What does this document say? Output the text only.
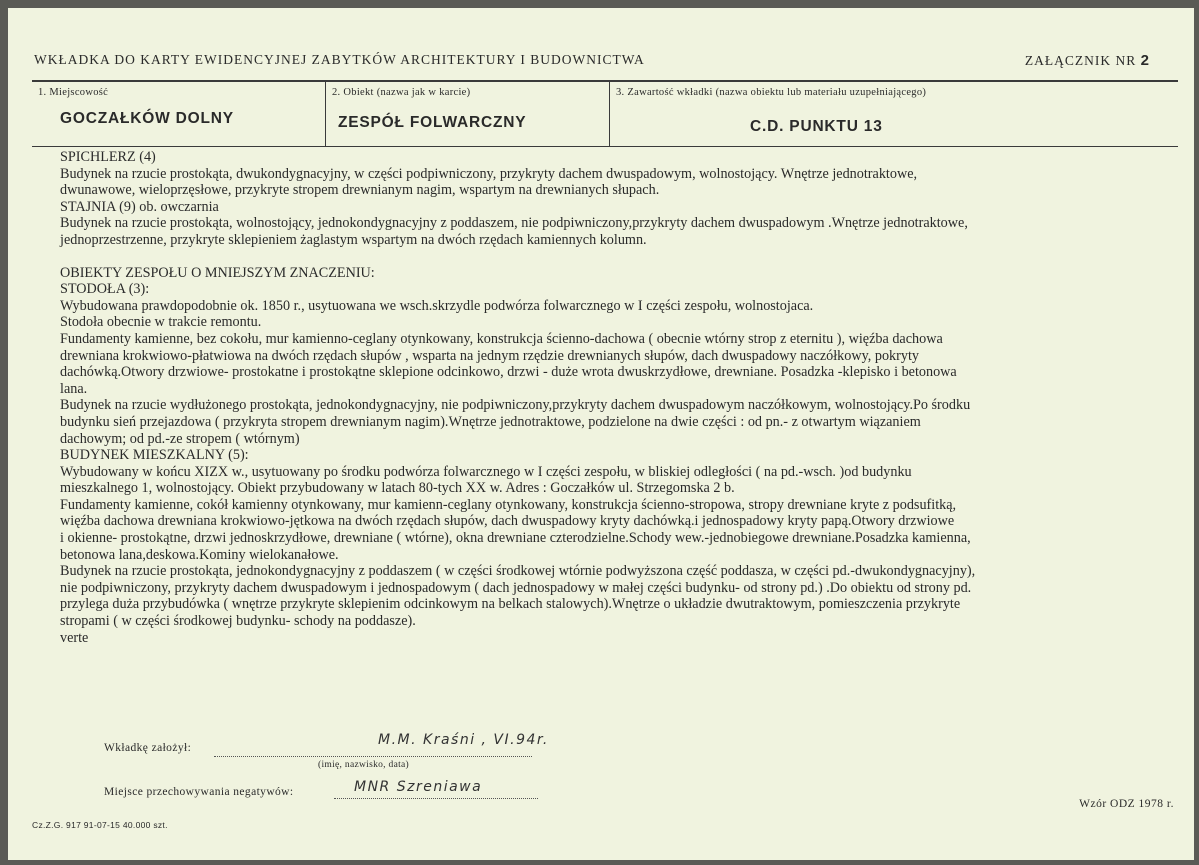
WKŁADKA DO KARTY EWIDENCYJNEJ ZABYTKÓW ARCHITEKTURY I BUDOWNICTWA	ZAŁĄCZNIK NR 2
1. Miejscowość
GOCZAŁKÓW DOLNY
2. Obiekt (nazwa jak w karcie)
ZESPÓŁ FOLWARCZNY
3. Zawartość wkładki (nazwa obiektu lub materiału uzupełniającego)
C.D. PUNKTU 13

SPICHLERZ (4)

Budynek na rzucie prostokąta, dwukondygnacyjny, w części podpiwniczony, przykryty dachem dwuspadowym, wolnostojący. Wnętrze jednotraktowe,

dwunawowe, wieloprzęsłowe, przykryte stropem drewnianym nagim, wspartym na drewnianych słupach.

STAJNIA (9) ob. owczarnia

Budynek na rzucie prostokąta, wolnostojący, jednokondygnacyjny z poddaszem, nie podpiwniczony,przykryty dachem dwuspadowym .Wnętrze jednotraktowe,

jednoprzestrzenne, przykryte sklepieniem żaglastym wspartym na dwóch rzędach kamiennych kolumn.

OBIEKTY ZESPOŁU O MNIEJSZYM ZNACZENIU:

STODOŁA (3):

Wybudowana prawdopodobnie ok. 1850 r., usytuowana we wsch.skrzydle podwórza folwarcznego w I części zespołu, wolnostojaca.

Stodoła obecnie w trakcie remontu.

Fundamenty kamienne, bez cokołu, mur kamienno-ceglany otynkowany, konstrukcja ścienno-dachowa ( obecnie wtórny strop z eternitu ), więźba dachowa

drewniana krokwiowo-płatwiowa na dwóch rzędach słupów , wsparta na jednym rzędzie drewnianych słupów, dach dwuspadowy naczółkowy, pokryty

dachówką.Otwory drzwiowe- prostokatne i prostokątne sklepione odcinkowo, drzwi - duże wrota dwuskrzydłowe, drewniane. Posadzka -klepisko i betonowa

lana.

Budynek na rzucie wydłużonego prostokąta, jednokondygnacyjny, nie podpiwniczony,przykryty dachem dwuspadowym naczółkowym, wolnostojący.Po środku

budynku sień przejazdowa ( przykryta stropem drewnianym nagim).Wnętrze jednotraktowe, podzielone na dwie części : od pn.- z otwartym wiązaniem

dachowym; od pd.-ze stropem ( wtórnym)

BUDYNEK MIESZKALNY (5):

Wybudowany w końcu XIZX w., usytuowany po środku podwórza folwarcznego w I części zespołu, w bliskiej odległości ( na pd.-wsch. )od budynku

mieszkalnego 1, wolnostojący. Obiekt przybudowany w latach 80-tych XX w. Adres : Goczałków ul. Strzegomska 2 b.

Fundamenty kamienne, cokół kamienny otynkowany, mur kamienn-ceglany otynkowany, konstrukcja ścienno-stropowa, stropy drewniane kryte z podsufitką,

więźba dachowa drewniana krokwiowo-jętkowa na dwóch rzędach słupów, dach dwuspadowy kryty dachówką.i jednospadowy kryty papą.Otwory drzwiowe

i okienne- prostokątne, drzwi jednoskrzydłowe, drewniane ( wtórne), okna drewniane czterodzielne.Schody wew.-jednobiegowe drewniane.Posadzka kamienna,

betonowa lana,deskowa.Kominy wielokanałowe.

Budynek na rzucie prostokąta, jednokondygnacyjny z poddaszem ( w części środkowej wtórnie podwyższona część poddasza, w części pd.-dwukondygnacyjny),

nie podpiwniczony, przykryty dachem dwuspadowym i jednospadowym ( dach jednospadowy w małej części budynku- od strony pd.) .Do obiektu od strony pd.

przylega duża przybudówka ( wnętrze przykryte sklepienim odcinkowym na belkach stalowych).Wnętrze o układzie dwutraktowym, pomieszczenia przykryte

stropami ( w części środkowej budynku- schody na poddasze).

verte

Wkładkę założył:	M.M. Kraśni , VI.94r.
(imię, nazwisko, data)
Miejsce przechowywania negatywów:	MNR Szreniawa
Wzór ODZ 1978 r.
Cz.Z.G. 917 91-07-15 40.000 szt.
